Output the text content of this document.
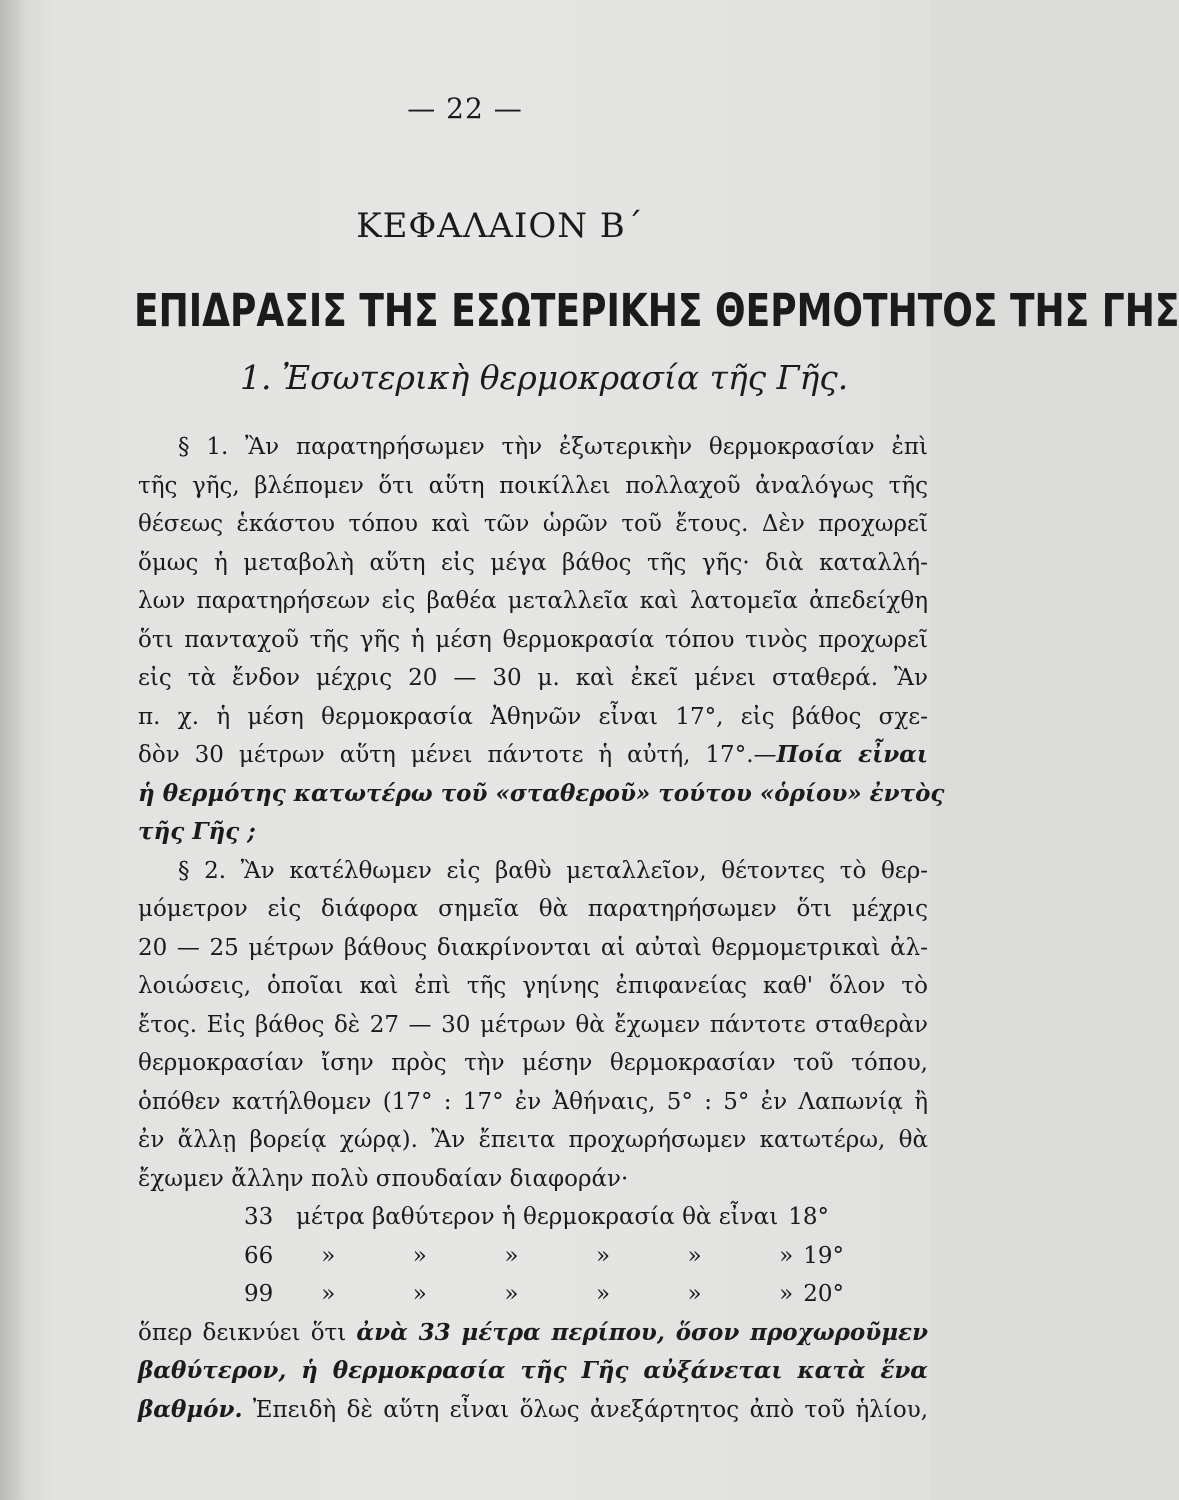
— 22 —
ΚΕΦΑΛΑΙΟΝ Β΄
ΕΠΙΔΡΑΣΙΣ ΤΗΣ ΕΣΩΤΕΡΙΚΗΣ ΘΕΡΜΟΤΗΤΟΣ ΤΗΣ ΓΗΣ
1. Ἐσωτερικὴ θερμοκρασία τῆς Γῆς.
§ 1. Ἂν παρατηρήσωμεν τὴν ἐξωτερικὴν θερμοκρασίαν ἐπὶ
τῆς γῆς, βλέπομεν ὅτι αὕτη ποικίλλει πολλαχοῦ ἀναλόγως τῆς
θέσεως ἑκάστου τόπου καὶ τῶν ὡρῶν τοῦ ἔτους. Δὲν προχωρεῖ
ὅμως ἡ μεταβολὴ αὕτη εἰς μέγα βάθος τῆς γῆς· διὰ καταλλή-
λων παρατηρήσεων εἰς βαθέα μεταλλεῖα καὶ λατομεῖα ἀπεδείχθη
ὅτι πανταχοῦ τῆς γῆς ἡ μέση θερμοκρασία τόπου τινὸς προχωρεῖ
εἰς τὰ ἔνδον μέχρις 20 — 30 μ. καὶ ἐκεῖ μένει σταθερά. Ἂν
π. χ. ἡ μέση θερμοκρασία Ἀθηνῶν εἶναι 17°, εἰς βάθος σχε-
δὸν 30 μέτρων αὕτη μένει πάντοτε ἡ αὐτή, 17°.—Ποία εἶναι
ἡ θερμότης κατωτέρω τοῦ «σταθεροῦ» τούτου «ὁρίου» ἐντὸς
τῆς Γῆς ;
§ 2. Ἂν κατέλθωμεν εἰς βαθὺ μεταλλεῖον, θέτοντες τὸ θερ-
μόμετρον εἰς διάφορα σημεῖα θὰ παρατηρήσωμεν ὅτι μέχρις
20 — 25 μέτρων βάθους διακρίνονται αἱ αὐταὶ θερμομετρικαὶ ἀλ-
λοιώσεις, ὁποῖαι καὶ ἐπὶ τῆς γηίνης ἐπιφανείας καθ' ὅλον τὸ
ἔτος. Εἰς βάθος δὲ 27 — 30 μέτρων θὰ ἔχωμεν πάντοτε σταθερὰν
θερμοκρασίαν ἴσην πρὸς τὴν μέσην θερμοκρασίαν τοῦ τόπου,
ὁπόθεν κατήλθομεν (17° : 17° ἐν Ἀθήναις, 5° : 5° ἐν Λαπωνίᾳ ἢ
ἐν ἄλλῃ βορείᾳ χώρᾳ). Ἂν ἔπειτα προχωρήσωμεν κατωτέρω, θὰ
ἔχωμεν ἄλλην πολὺ σπουδαίαν διαφοράν·
33 μέτρα βαθύτερον ἡ θερμοκρασία θὰ εἶναι 18°
66	»	»	»	»	»	» 19°
99	»	»	»	»	»	» 20°
ὅπερ δεικνύει ὅτι ἀνὰ 33 μέτρα περίπου, ὅσον προχωροῦμεν
βαθύτερον, ἡ θερμοκρασία τῆς Γῆς αὐξάνεται κατὰ ἕνα
βαθμόν. Ἐπειδὴ δὲ αὕτη εἶναι ὅλως ἀνεξάρτητος ἀπὸ τοῦ ἡλίου,
